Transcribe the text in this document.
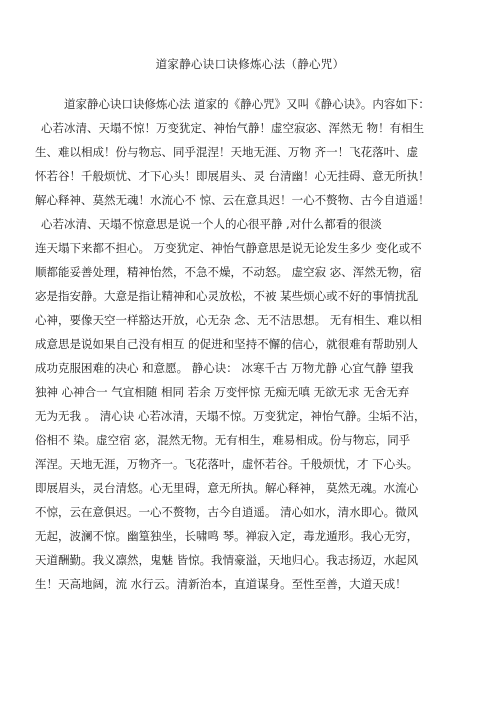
道家静心诀口诀修炼心法（静心咒）
道家静心诀口诀修炼心法 道家的《静心咒》又叫《静心诀》。内容如下：
心若冰清、天塌不惊！万变犹定、神怡气静！虚空寂宓、浑然无 物！有相生
生、难以相成！份与物忘、同乎混涅！天地无涯、万物 齐一！飞花落叶、虚
怀若谷！千般烦忧、才下心头！即展眉头、灵 台清幽！心无挂碍、意无所执！
解心释神、莫然无魂！水流心不 惊、云在意具迟！一心不赘物、古今自逍遥！
心若冰清、天塌不惊意思是说一个人的心很平静 ,对什么都看的很淡
连天塌下来都不担心。 万变犹定、神怡气静意思是说无论发生多少 变化或不
顺都能妥善处理，精神怡然，不急不燥，不动怒。 虚空寂 宓、浑然无物，宿
宓是指安静。大意是指让精神和心灵放松，不被 某些烦心或不好的事情扰乱
心神，要像天空一样豁达开放，心无杂 念、无不洁思想。 无有相生、难以相
成意思是说如果自己没有相互 的促进和坚持不懈的信心，就很难有帮助别人
成功克服困难的决心 和意愿。 静心诀： 冰寒千古 万物尤静 心宜气静 望我
独神 心神合一 气宜相随 相同 若余 万变怦惊 无痴无嗔 无欲无求 无舍无弃
无为无我 。 清心诀 心若冰清，天塌不惊。万变犹定，神怡气静。尘垢不沾，
俗相不 染。虚空宿 宓，混然无物。无有相生，难易相成。份与物忘，同乎
浑涅。天地无涯，万物齐一。飞花落叶，虚怀若谷。千般烦忧，才 下心头。
即展眉头，灵台清悠。心无里碍，意无所执。解心释神， 莫然无魂。水流心
不惊，云在意俱迟。一心不赘物，古今自逍遥。 清心如水，清水即心。微风
无起，波澜不惊。幽篁独坐，长啸鸣 琴。禅寂入定，毒龙遁形。我心无穷，
天道酬勤。我义凛然，鬼魅 皆惊。我情豪溢，天地归心。我志扬迈，水起风
生！天高地阔，流 水行云。清新治本，直道谋身。至性至善，大道天成！
